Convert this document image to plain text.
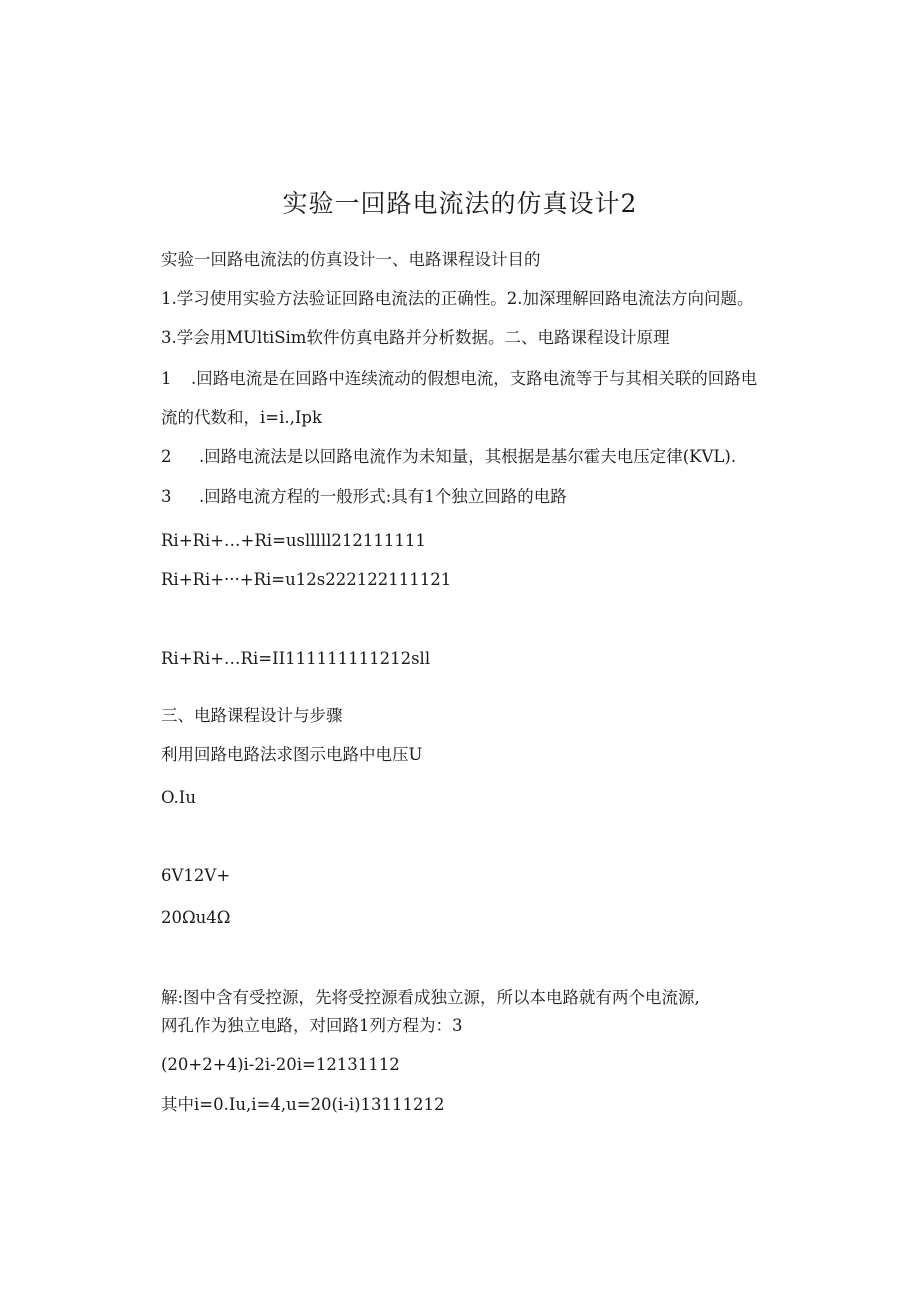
实验一回路电流法的仿真设计2
实验一回路电流法的仿真设计一、电路课程设计目的
1.学习使用实验方法验证回路电流法的正确性。2.加深理解回路电流法方向问题。
3.学会用MUltiSim软件仿真电路并分析数据。二、电路课程设计原理
1 .回路电流是在回路中连续流动的假想电流，支路电流等于与其相关联的回路电
流的代数和，i=i.,Ipk
2 .回路电流法是以回路电流作为未知量，其根据是基尔霍夫电压定律(KVL).
3 .回路电流方程的一般形式:具有1个独立回路的电路
Ri+Ri+…+Ri=uslllll212111111
Ri+Ri+···+Ri=u12s222122111121
Ri+Ri+…Ri=II111111111212sll
三、电路课程设计与步骤
利用回路电路法求图示电路中电压U
O.Iu
6V12V+
20Ωu4Ω
解:图中含有受控源，先将受控源看成独立源，所以本电路就有两个电流源,
网孔作为独立电路，对回路1列方程为：3
(20+2+4)i-2i-20i=12131112
其中i=0.Iu,i=4,u=20(i-i)13111212
